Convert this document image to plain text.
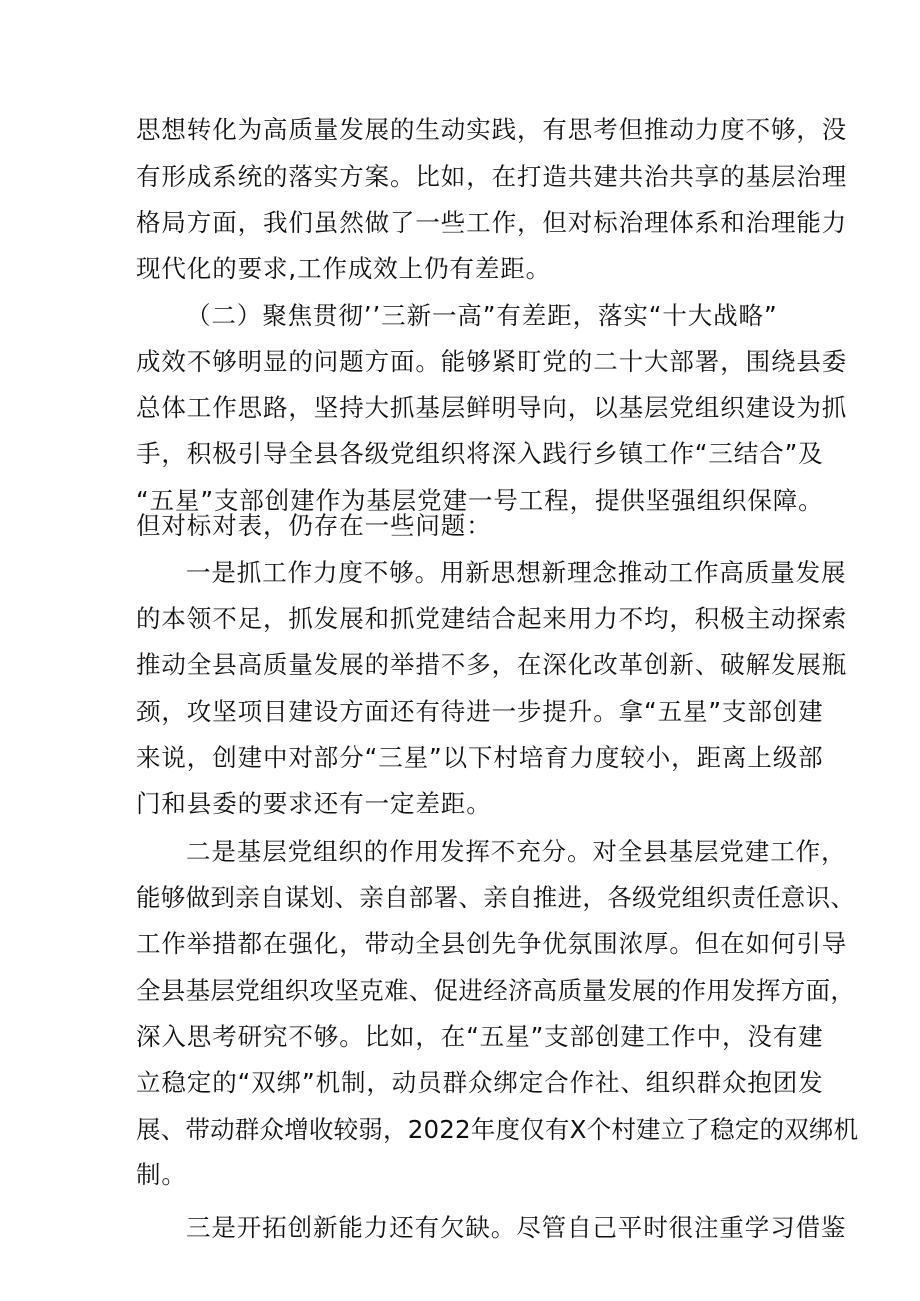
思想转化为高质量发展的生动实践，有思考但推动力度不够，没
有形成系统的落实方案。比如，在打造共建共治共享的基层治理
格局方面，我们虽然做了一些工作，但对标治理体系和治理能力
现代化的要求,工作成效上仍有差距。
（二）聚焦贯彻’’三新一高”有差距，落实“十大战略”
成效不够明显的问题方面。能够紧盯党的二十大部署，围绕县委
总体工作思路，坚持大抓基层鲜明导向，以基层党组织建设为抓
手，积极引导全县各级党组织将深入践行乡镇工作“三结合”及
“五星”支部创建作为基层党建一号工程，提供坚强组织保障。
但对标对表，仍存在一些问题：
一是抓工作力度不够。用新思想新理念推动工作高质量发展
的本领不足，抓发展和抓党建结合起来用力不均，积极主动探索
推动全县高质量发展的举措不多，在深化改革创新、破解发展瓶
颈，攻坚项目建设方面还有待进一步提升。拿“五星”支部创建
来说，创建中对部分“三星”以下村培育力度较小，距离上级部
门和县委的要求还有一定差距。
二是基层党组织的作用发挥不充分。对全县基层党建工作，
能够做到亲自谋划、亲自部署、亲自推进，各级党组织责任意识、
工作举措都在强化，带动全县创先争优氛围浓厚。但在如何引导
全县基层党组织攻坚克难、促进经济高质量发展的作用发挥方面，
深入思考研究不够。比如，在“五星”支部创建工作中，没有建
立稳定的“双绑”机制，动员群众绑定合作社、组织群众抱团发
展、带动群众增收较弱，2022年度仅有X个村建立了稳定的双绑机
制。
三是开拓创新能力还有欠缺。尽管自己平时很注重学习借鉴
